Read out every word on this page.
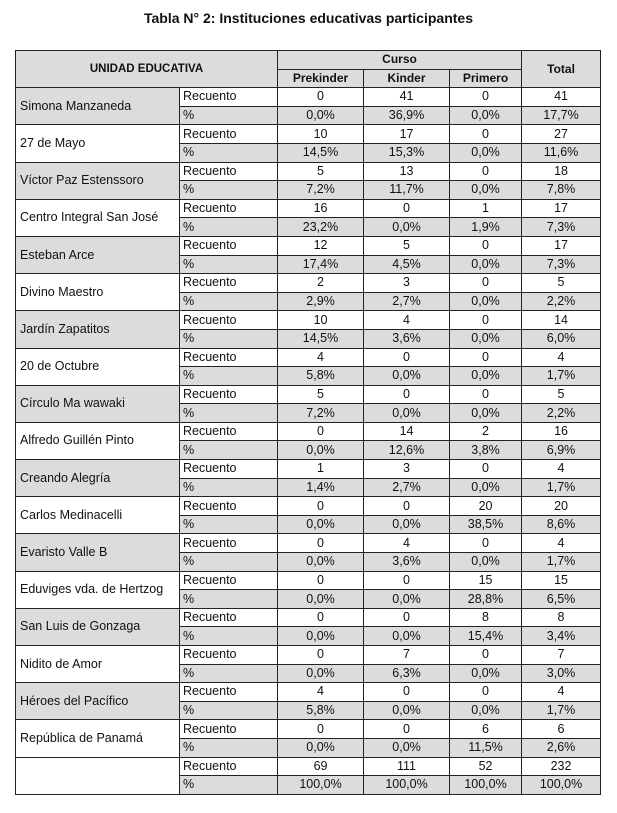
Tabla N° 2: Instituciones educativas participantes
UNIDAD EDUCATIVA		Curso			Total
		Prekinder	Kinder	Primero	
Simona Manzaneda	Recuento	0	41	0	41
	%	0,0%	36,9%	0,0%	17,7%
27 de Mayo	Recuento	10	17	0	27
	%	14,5%	15,3%	0,0%	11,6%
Víctor Paz Estenssoro	Recuento	5	13	0	18
	%	7,2%	11,7%	0,0%	7,8%
Centro Integral San José	Recuento	16	0	1	17
	%	23,2%	0,0%	1,9%	7,3%
Esteban Arce	Recuento	12	5	0	17
	%	17,4%	4,5%	0,0%	7,3%
Divino Maestro	Recuento	2	3	0	5
	%	2,9%	2,7%	0,0%	2,2%
Jardín Zapatitos	Recuento	10	4	0	14
	%	14,5%	3,6%	0,0%	6,0%
20 de Octubre	Recuento	4	0	0	4
	%	5,8%	0,0%	0,0%	1,7%
Círculo Ma wawaki	Recuento	5	0	0	5
	%	7,2%	0,0%	0,0%	2,2%
Alfredo Guillén Pinto	Recuento	0	14	2	16
	%	0,0%	12,6%	3,8%	6,9%
Creando Alegría	Recuento	1	3	0	4
	%	1,4%	2,7%	0,0%	1,7%
Carlos Medinacelli	Recuento	0	0	20	20
	%	0,0%	0,0%	38,5%	8,6%
Evaristo Valle B	Recuento	0	4	0	4
	%	0,0%	3,6%	0,0%	1,7%
Eduviges vda. de Hertzog	Recuento	0	0	15	15
	%	0,0%	0,0%	28,8%	6,5%
San Luis de Gonzaga	Recuento	0	0	8	8
	%	0,0%	0,0%	15,4%	3,4%
Nidito de Amor	Recuento	0	7	0	7
	%	0,0%	6,3%	0,0%	3,0%
Héroes del Pacífico	Recuento	4	0	0	4
	%	5,8%	0,0%	0,0%	1,7%
República de Panamá	Recuento	0	0	6	6
	%	0,0%	0,0%	11,5%	2,6%
	Recuento	69	111	52	232
	%	100,0%	100,0%	100,0%	100,0%
